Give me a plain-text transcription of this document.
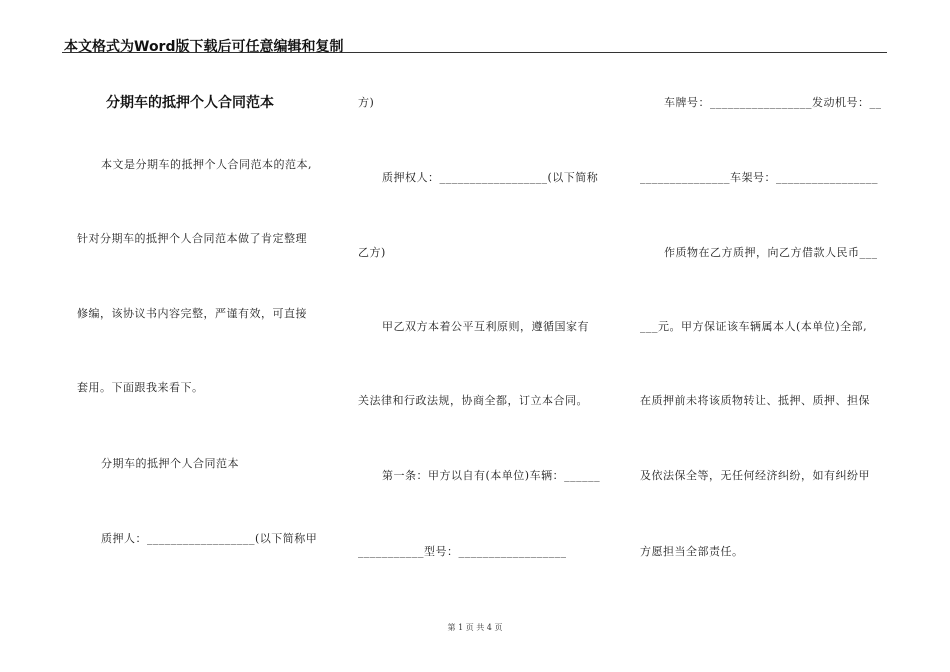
本文格式为Word版下载后可任意编辑和复制
分期车的抵押个人合同范本
本文是分期车的抵押个人合同范本的范本,
针对分期车的抵押个人合同范本做了肯定整理
修编，该协议书内容完整，严谨有效，可直接
套用。下面跟我来看下。
分期车的抵押个人合同范本
质押人：__________________(以下简称甲
方)
质押权人：__________________(以下简称
乙方)
甲乙双方本着公平互利原则，遵循国家有
关法律和行政法规，协商全都，订立本合同。
第一条：甲方以自有(本单位)车辆：______
___________型号：__________________
车牌号：_________________发动机号：__
_______________车架号：_________________
作质物在乙方质押，向乙方借款人民币___
___元。甲方保证该车辆属本人(本单位)全部,
在质押前未将该质物转让、抵押、质押、担保
及依法保全等，无任何经济纠纷，如有纠纷甲
方愿担当全部责任。
第 1 页 共 4 页
